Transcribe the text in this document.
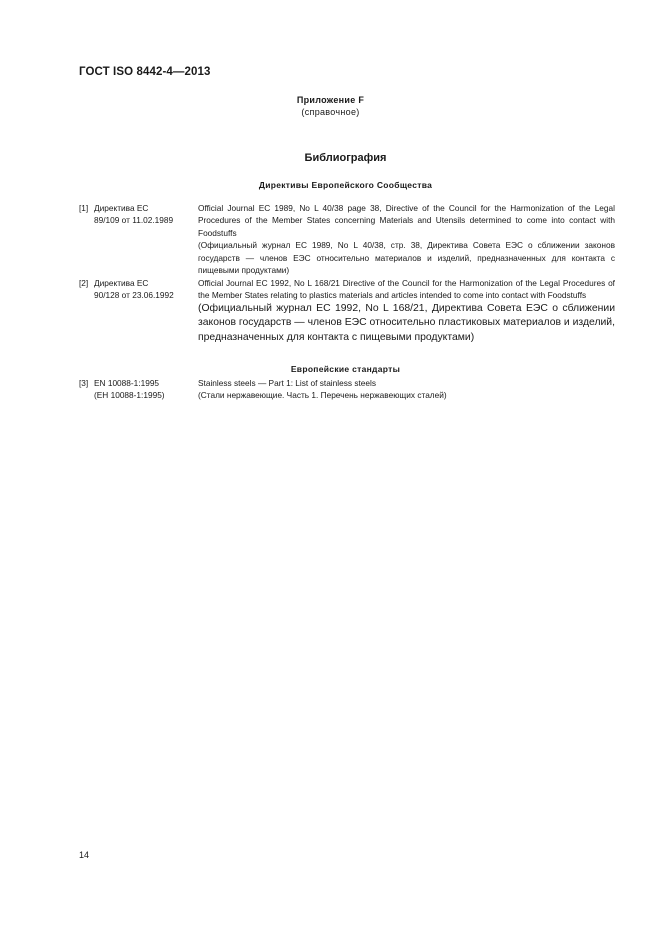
ГОСТ ISO 8442-4—2013
Приложение F
(справочное)
Библиография
Директивы Европейского Сообщества
[1] Директива ЕС
89/109 от 11.02.1989

Official Journal EC 1989, No L 40/38 page 38, Directive of the Council for the Harmonization of the Legal Procedures of the Member States concerning Materials and Utensils determined to come into contact with Foodstuffs

(Официальный журнал ЕС 1989, No L 40/38, стр. 38, Директива Совета ЕЭС о сближении законов государств — членов ЕЭС относительно материалов и изделий, предназначенных для контакта с пищевыми продуктами)

[2] Директива ЕС
90/128 от 23.06.1992

Official Journal EC 1992, No L 168/21 Directive of the Council for the Harmonization of the Legal Procedures of the Member States relating to plastics materials and articles intended to come into contact with Foodstuffs

(Официальный журнал ЕС 1992, No L 168/21, Директива Совета ЕЭС о сближении законов государств — членов ЕЭС относительно пластиковых материалов и изделий, предназначенных для контакта с пищевыми продуктами)

Европейские стандарты
[3] EN 10088-1:1995
(ЕН 10088-1:1995)

Stainless steels — Part 1: List of stainless steels

(Стали нержавеющие. Часть 1. Перечень нержавеющих сталей)

14
